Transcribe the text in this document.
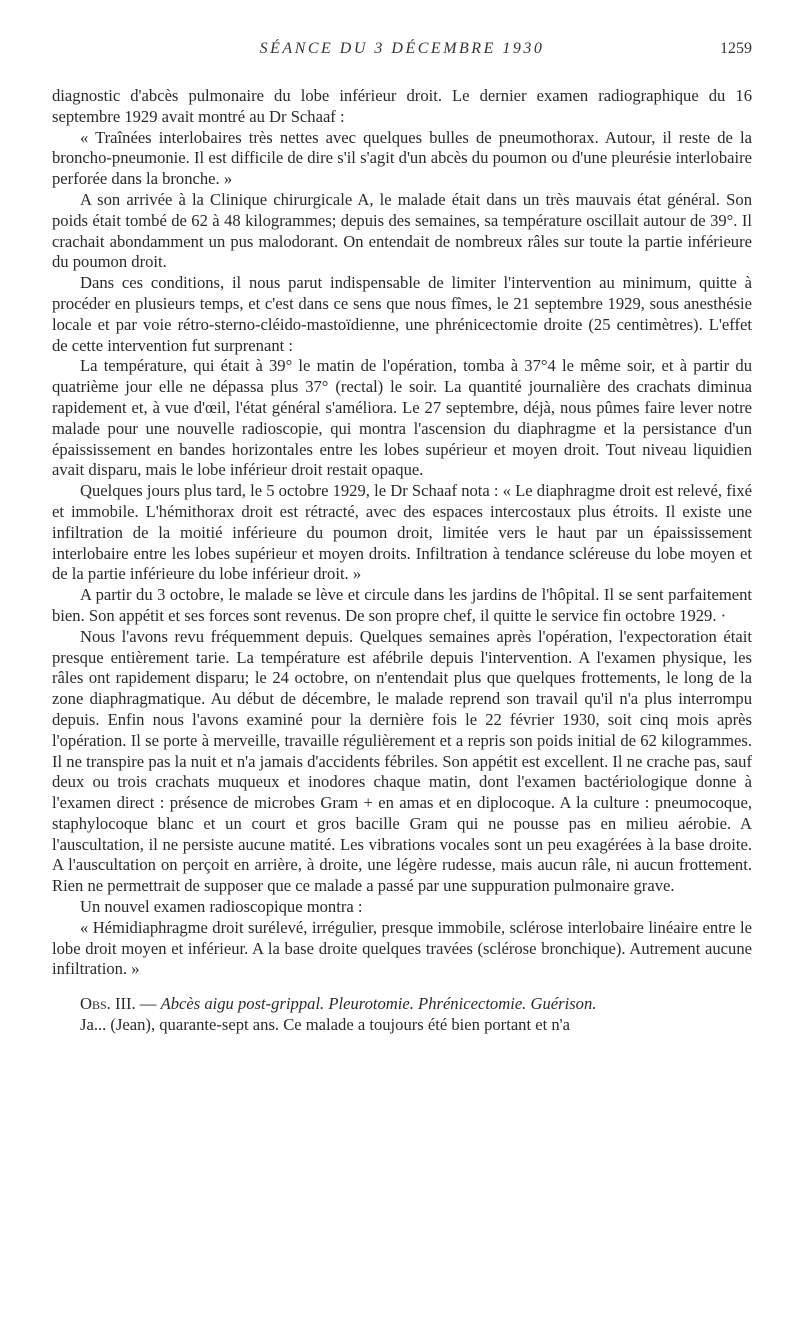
SÉANCE DU 3 DÉCEMBRE 1930	1259

diagnostic d'abcès pulmonaire du lobe inférieur droit. Le dernier examen radiographique du 16 septembre 1929 avait montré au Dr Schaaf :

« Traînées interlobaires très nettes avec quelques bulles de pneumothorax. Autour, il reste de la broncho-pneumonie. Il est difficile de dire s'il s'agit d'un abcès du poumon ou d'une pleurésie interlobaire perforée dans la bronche. »

A son arrivée à la Clinique chirurgicale A, le malade était dans un très mauvais état général. Son poids était tombé de 62 à 48 kilogrammes; depuis des semaines, sa température oscillait autour de 39°. Il crachait abondamment un pus malodorant. On entendait de nombreux râles sur toute la partie inférieure du poumon droit.

Dans ces conditions, il nous parut indispensable de limiter l'intervention au minimum, quitte à procéder en plusieurs temps, et c'est dans ce sens que nous fîmes, le 21 septembre 1929, sous anesthésie locale et par voie rétro-sterno-cléido-mastoïdienne, une phrénicectomie droite (25 centimètres). L'effet de cette intervention fut surprenant :

La température, qui était à 39° le matin de l'opération, tomba à 37°4 le même soir, et à partir du quatrième jour elle ne dépassa plus 37° (rectal) le soir. La quantité journalière des crachats diminua rapidement et, à vue d'œil, l'état général s'améliora. Le 27 septembre, déjà, nous pûmes faire lever notre malade pour une nouvelle radioscopie, qui montra l'ascension du diaphragme et la persistance d'un épaississement en bandes horizontales entre les lobes supérieur et moyen droit. Tout niveau liquidien avait disparu, mais le lobe inférieur droit restait opaque.

Quelques jours plus tard, le 5 octobre 1929, le Dr Schaaf nota : « Le diaphragme droit est relevé, fixé et immobile. L'hémithorax droit est rétracté, avec des espaces intercostaux plus étroits. Il existe une infiltration de la moitié inférieure du poumon droit, limitée vers le haut par un épaississement interlobaire entre les lobes supérieur et moyen droits. Infiltration à tendance scléreuse du lobe moyen et de la partie inférieure du lobe inférieur droit. »

A partir du 3 octobre, le malade se lève et circule dans les jardins de l'hôpital. Il se sent parfaitement bien. Son appétit et ses forces sont revenus. De son propre chef, il quitte le service fin octobre 1929. ·

Nous l'avons revu fréquemment depuis. Quelques semaines après l'opération, l'expectoration était presque entièrement tarie. La température est afébrile depuis l'intervention. A l'examen physique, les râles ont rapidement disparu; le 24 octobre, on n'entendait plus que quelques frottements, le long de la zone diaphragmatique. Au début de décembre, le malade reprend son travail qu'il n'a plus interrompu depuis. Enfin nous l'avons examiné pour la dernière fois le 22 février 1930, soit cinq mois après l'opération. Il se porte à merveille, travaille régulièrement et a repris son poids initial de 62 kilogrammes. Il ne transpire pas la nuit et n'a jamais d'accidents fébriles. Son appétit est excellent. Il ne crache pas, sauf deux ou trois crachats muqueux et inodores chaque matin, dont l'examen bactériologique donne à l'examen direct : présence de microbes Gram + en amas et en diplocoque. A la culture : pneumocoque, staphylocoque blanc et un court et gros bacille Gram qui ne pousse pas en milieu aérobie. A l'auscultation, il ne persiste aucune matité. Les vibrations vocales sont un peu exagérées à la base droite. A l'auscultation on perçoit en arrière, à droite, une légère rudesse, mais aucun râle, ni aucun frottement. Rien ne permettrait de supposer que ce malade a passé par une suppuration pulmonaire grave.

Un nouvel examen radioscopique montra :

« Hémidiaphragme droit surélevé, irrégulier, presque immobile, sclérose interlobaire linéaire entre le lobe droit moyen et inférieur. A la base droite quelques travées (sclérose bronchique). Autrement aucune infiltration. »

Obs. III. — Abcès aigu post-grippal. Pleurotomie. Phrénicectomie. Guérison.

Ja... (Jean), quarante-sept ans. Ce malade a toujours été bien portant et n'a
